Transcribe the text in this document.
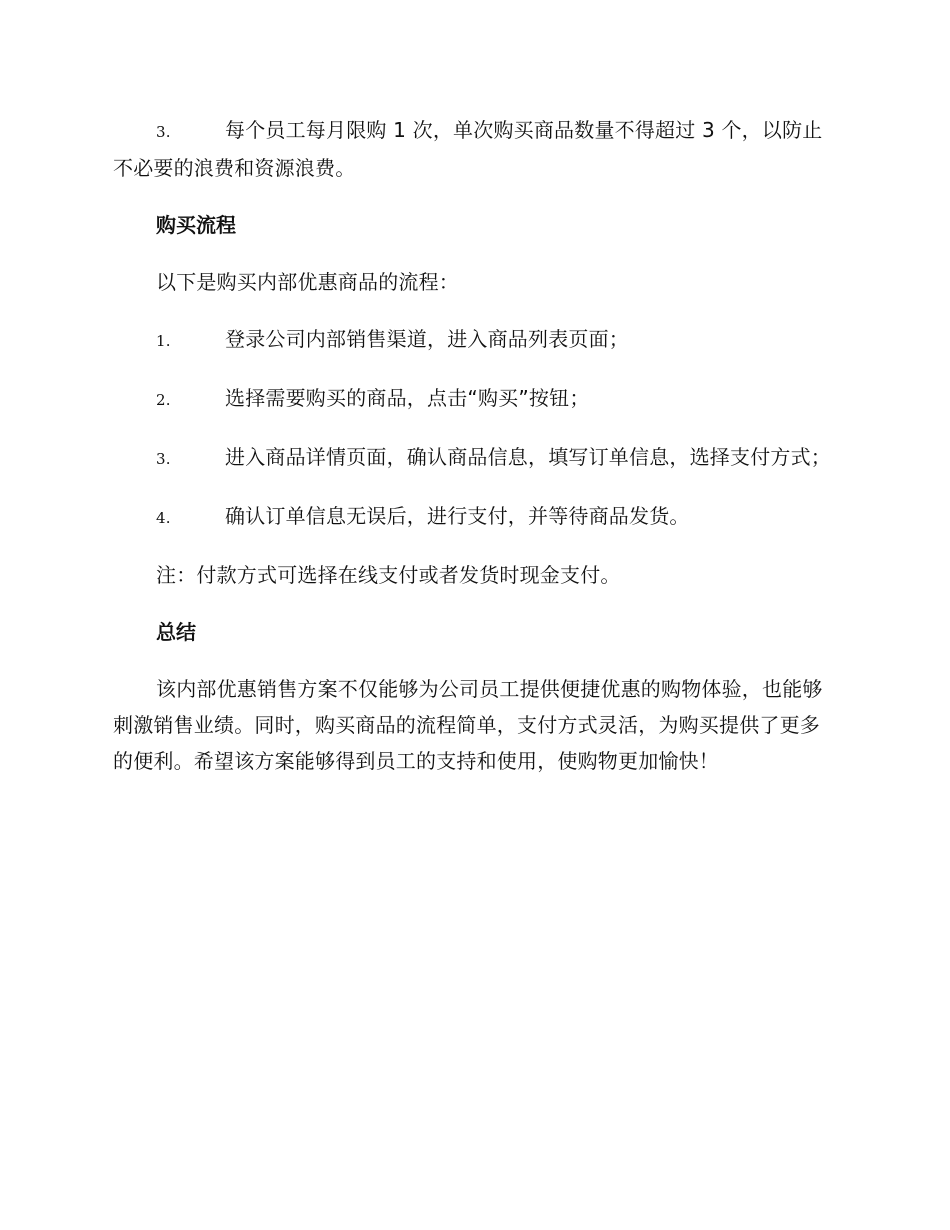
3.	每个员工每月限购 1 次，单次购买商品数量不得超过 3 个，以防止不必要的浪费和资源浪费。
购买流程
以下是购买内部优惠商品的流程：
1.	登录公司内部销售渠道，进入商品列表页面；
2.	选择需要购买的商品，点击“购买”按钮；
3.	进入商品详情页面，确认商品信息，填写订单信息，选择支付方式；
4.	确认订单信息无误后，进行支付，并等待商品发货。
注：付款方式可选择在线支付或者发货时现金支付。
总结
该内部优惠销售方案不仅能够为公司员工提供便捷优惠的购物体验，也能够刺激销售业绩。同时，购买商品的流程简单，支付方式灵活，为购买提供了更多的便利。希望该方案能够得到员工的支持和使用，使购物更加愉快！
